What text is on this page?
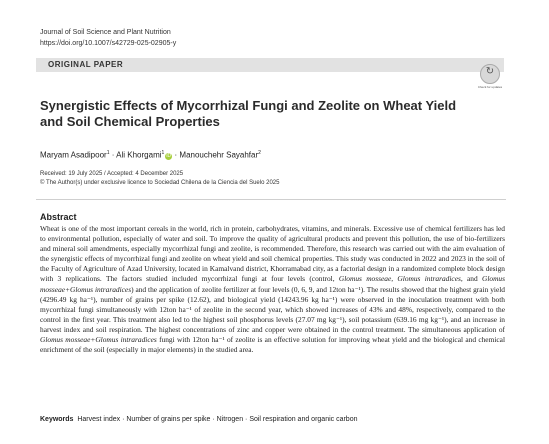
Journal of Soil Science and Plant Nutrition
https://doi.org/10.1007/s42729-025-02905-y
ORIGINAL PAPER
↻
Check for updates
Synergistic Effects of Mycorrhizal Fungi and Zeolite on Wheat Yield and Soil Chemical Properties
Maryam Asadipoor$^1$ · Ali Khorgami$^1$ iD · Manouchehr Sayahfar$^2$
Received: 19 July 2025 / Accepted: 4 December 2025
© The Author(s) under exclusive licence to Sociedad Chilena de la Ciencia del Suelo 2025
Abstract

Wheat is one of the most important cereals in the world, rich in protein, carbohydrates, vitamins, and minerals. Excessive use of chemical fertilizers has led to environmental pollution, especially of water and soil. To improve the quality of agricultural products and prevent this pollution, the use of bio-fertilizers and mineral soil amendments, especially mycorrhizal fungi and zeolite, is recommended. Therefore, this research was carried out with the aim evaluation of the synergistic effects of mycorrhizal fungi and zeolite on wheat yield and soil chemical properties. This study was conducted in 2022 and 2023 in the soil of the Faculty of Agriculture of Azad University, located in Kamalvand district, Khorramabad city, as a factorial design in a randomized complete block design with 3 replications. The factors studied included mycorrhizal fungi at four levels (control, Glomus mosseae, Glomus intraradices, and Glomus mosseae+Glomus intraradices) and the application of zeolite fertilizer at four levels (0, 6, 9, and 12ton ha⁻¹). The results showed that the highest grain yield (4296.49 kg ha⁻¹), number of grains per spike (12.62), and biological yield (14243.96 kg ha⁻¹) were observed in the inoculation treatment with both mycorrhizal fungi simultaneously with 12ton ha⁻¹ of zeolite in the second year, which showed increases of 43% and 48%, respectively, compared to the control in the first year. This treatment also led to the highest soil phosphorus levels (27.07 mg kg⁻¹), soil potassium (639.16 mg kg⁻¹), and an increase in harvest index and soil respiration. The highest concentrations of zinc and copper were obtained in the control treatment. The simultaneous application of Glomus mosseae+Glomus intraradices fungi with 12ton ha⁻¹ of zeolite is an effective solution for improving wheat yield and the biological and chemical enrichment of the soil (especially in major elements) in the studied area.

Keywords Harvest index · Number of grains per spike · Nitrogen · Soil respiration and organic carbon
